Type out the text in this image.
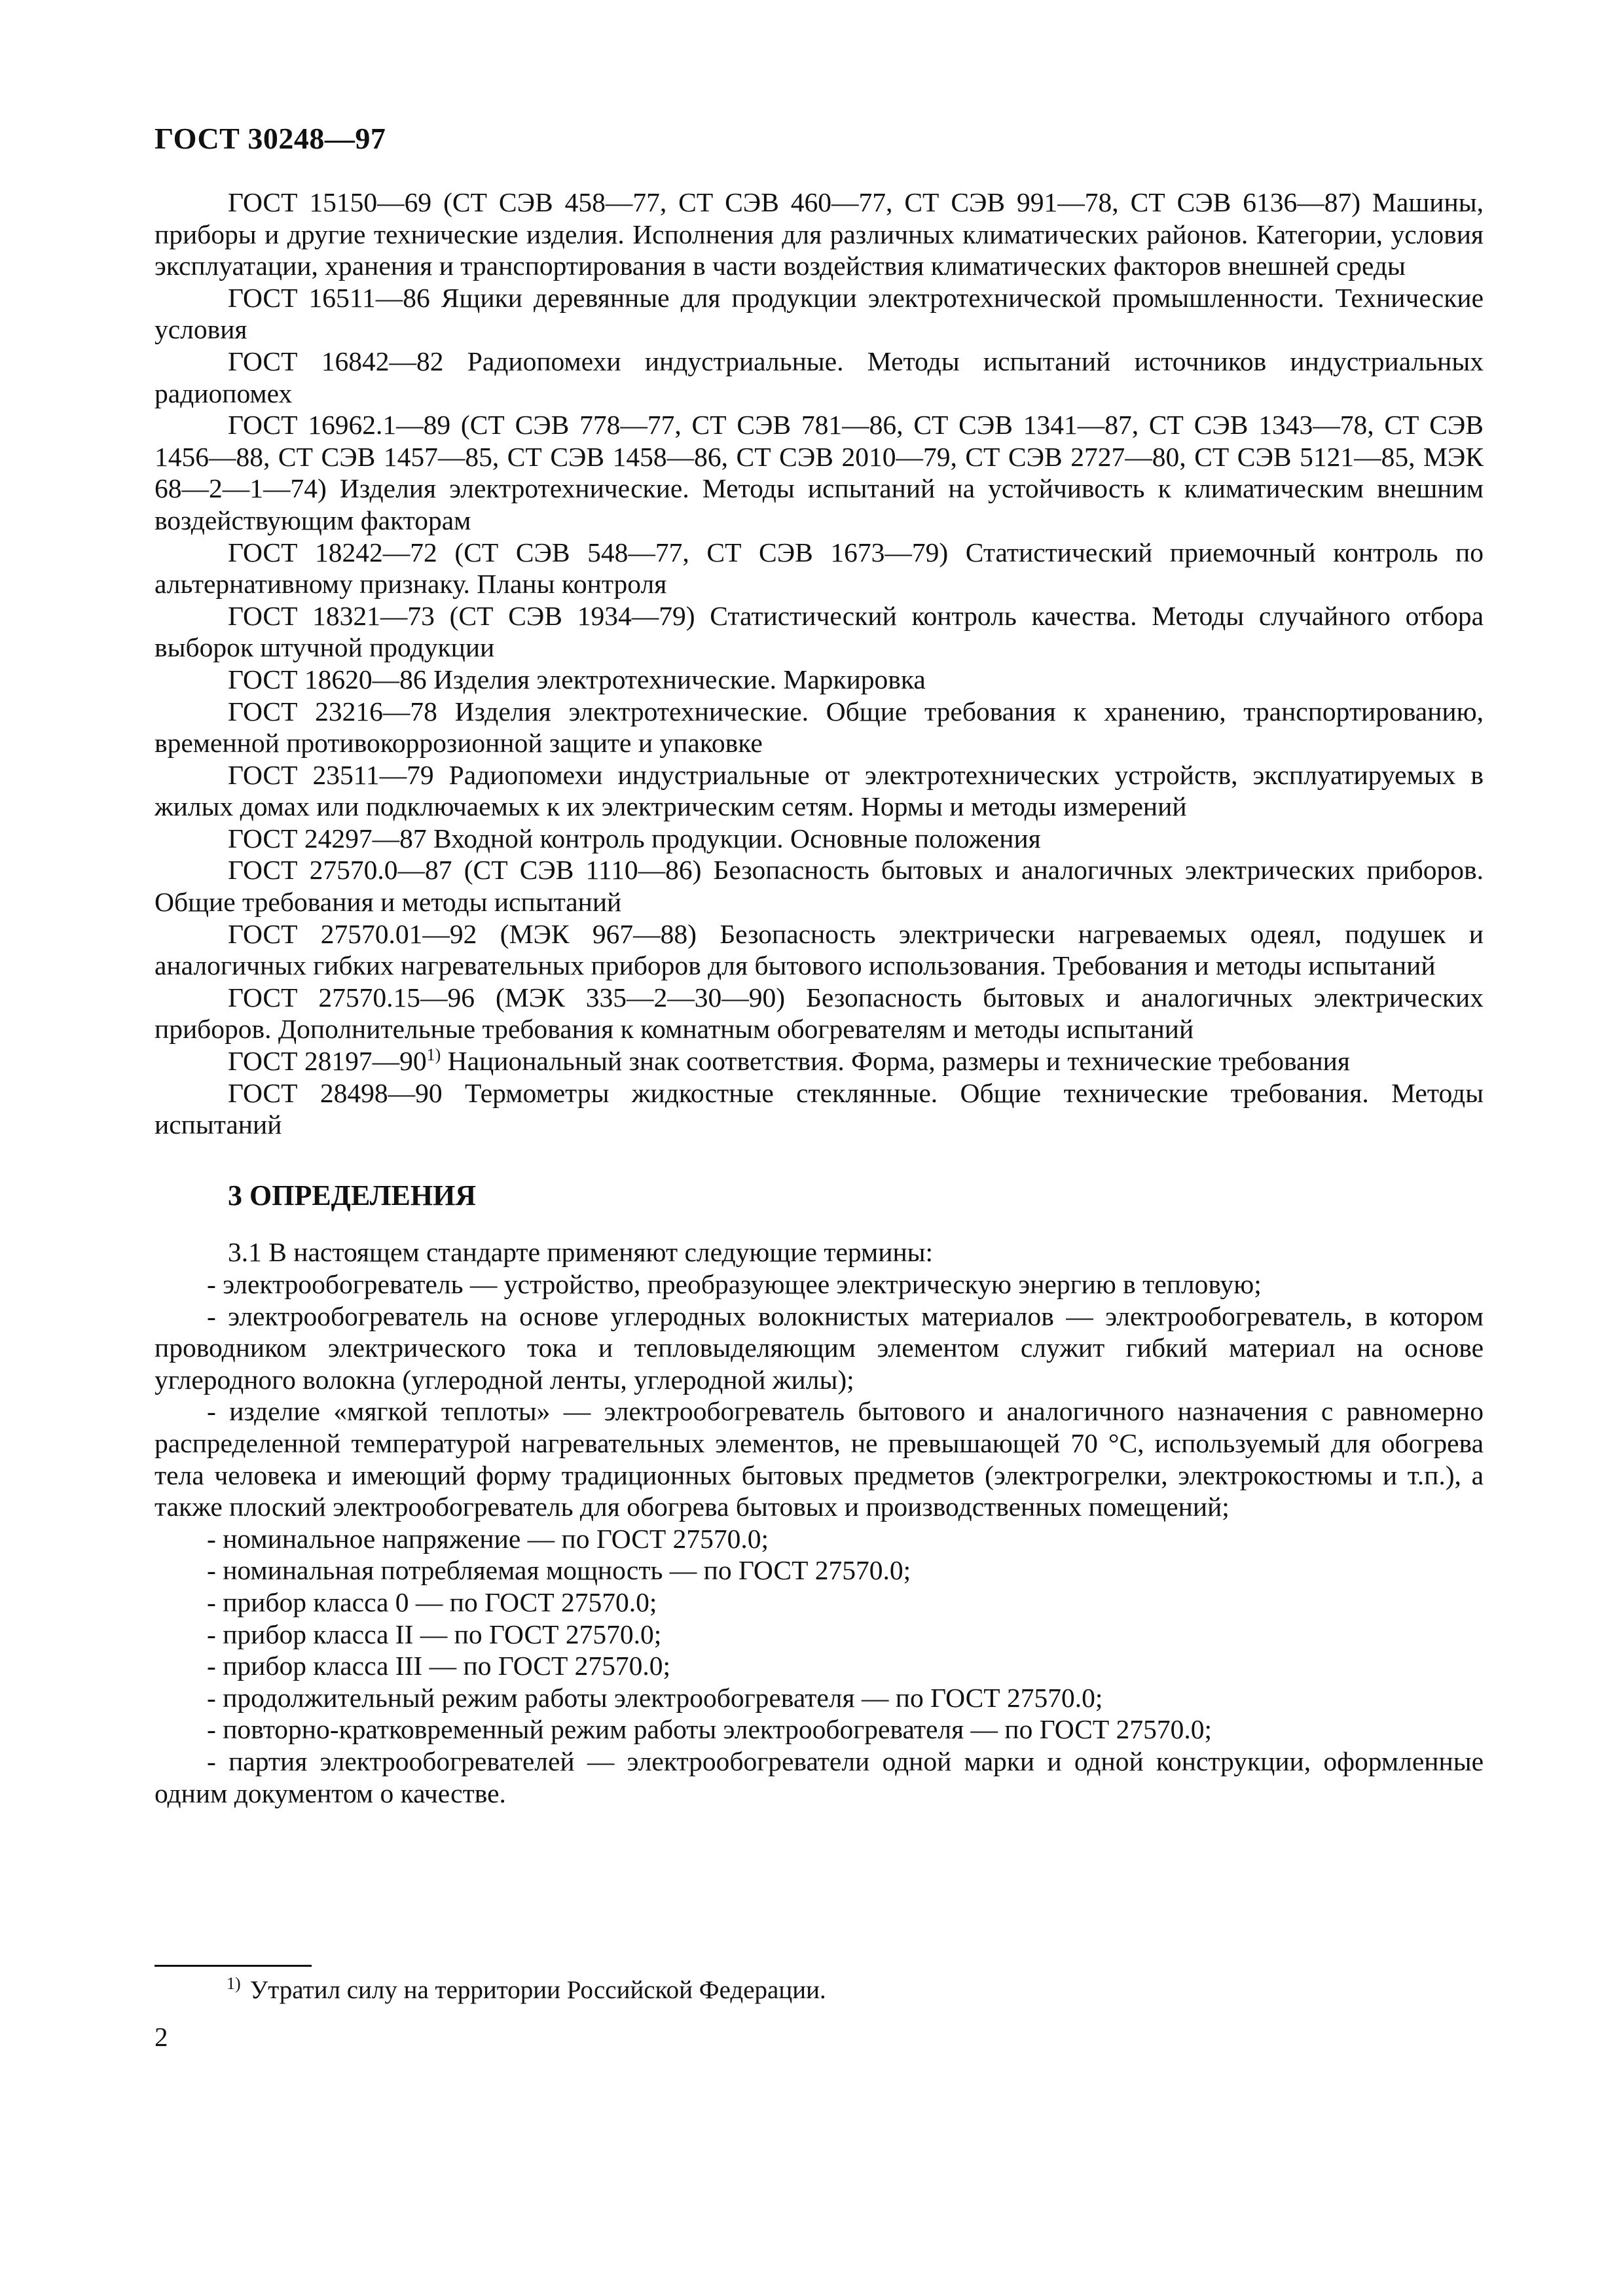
ГОСТ 30248—97

ГОСТ 15150—69 (СТ СЭВ 458—77, СТ СЭВ 460—77, СТ СЭВ 991—78, СТ СЭВ 6136—87) Машины, приборы и другие технические изделия. Исполнения для различных климатических районов. Категории, условия эксплуатации, хранения и транспортирования в части воздействия климатических факторов внешней среды

ГОСТ 16511—86 Ящики деревянные для продукции электротехнической промышленности. Технические условия

ГОСТ 16842—82 Радиопомехи индустриальные. Методы испытаний источников индустриальных радиопомех

ГОСТ 16962.1—89 (СТ СЭВ 778—77, СТ СЭВ 781—86, СТ СЭВ 1341—87, СТ СЭВ 1343—78, СТ СЭВ 1456—88, СТ СЭВ 1457—85, СТ СЭВ 1458—86, СТ СЭВ 2010—79, СТ СЭВ 2727—80, СТ СЭВ 5121—85, МЭК 68—2—1—74) Изделия электротехнические. Методы испытаний на устойчивость к климатическим внешним воздействующим факторам

ГОСТ 18242—72 (СТ СЭВ 548—77, СТ СЭВ 1673—79) Статистический приемочный контроль по альтернативному признаку. Планы контроля

ГОСТ 18321—73 (СТ СЭВ 1934—79) Статистический контроль качества. Методы случайного отбора выборок штучной продукции

ГОСТ 18620—86 Изделия электротехнические. Маркировка

ГОСТ 23216—78 Изделия электротехнические. Общие требования к хранению, транспортированию, временной противокоррозионной защите и упаковке

ГОСТ 23511—79 Радиопомехи индустриальные от электротехнических устройств, эксплуатируемых в жилых домах или подключаемых к их электрическим сетям. Нормы и методы измерений

ГОСТ 24297—87 Входной контроль продукции. Основные положения

ГОСТ 27570.0—87 (СТ СЭВ 1110—86) Безопасность бытовых и аналогичных электрических приборов. Общие требования и методы испытаний

ГОСТ 27570.01—92 (МЭК 967—88) Безопасность электрически нагреваемых одеял, подушек и аналогичных гибких нагревательных приборов для бытового использования. Требования и методы испытаний

ГОСТ 27570.15—96 (МЭК 335—2—30—90) Безопасность бытовых и аналогичных электрических приборов. Дополнительные требования к комнатным обогревателям и методы испытаний

ГОСТ 28197—90$^{1)}$ Национальный знак соответствия. Форма, размеры и технические требования

ГОСТ 28498—90 Термометры жидкостные стеклянные. Общие технические требования. Методы испытаний

3 ОПРЕДЕЛЕНИЯ

3.1 В настоящем стандарте применяют следующие термины:

- электрообогреватель — устройство, преобразующее электрическую энергию в тепловую;

- электрообогреватель на основе углеродных волокнистых материалов — электрообогреватель, в котором проводником электрического тока и тепловыделяющим элементом служит гибкий материал на основе углеродного волокна (углеродной ленты, углеродной жилы);

- изделие «мягкой теплоты» — электрообогреватель бытового и аналогичного назначения с равномерно распределенной температурой нагревательных элементов, не превышающей 70 °С, используемый для обогрева тела человека и имеющий форму традиционных бытовых предметов (электрогрелки, электрокостюмы и т.п.), а также плоский электрообогреватель для обогрева бытовых и производственных помещений;

- номинальное напряжение — по ГОСТ 27570.0;

- номинальная потребляемая мощность — по ГОСТ 27570.0;

- прибор класса 0 — по ГОСТ 27570.0;

- прибор класса II — по ГОСТ 27570.0;

- прибор класса III — по ГОСТ 27570.0;

- продолжительный режим работы электрообогревателя — по ГОСТ 27570.0;

- повторно-кратковременный режим работы электрообогревателя — по ГОСТ 27570.0;

- партия электрообогревателей — электрообогреватели одной марки и одной конструкции, оформленные одним документом о качестве.

$^{1)}$ Утратил силу на территории Российской Федерации.
2
